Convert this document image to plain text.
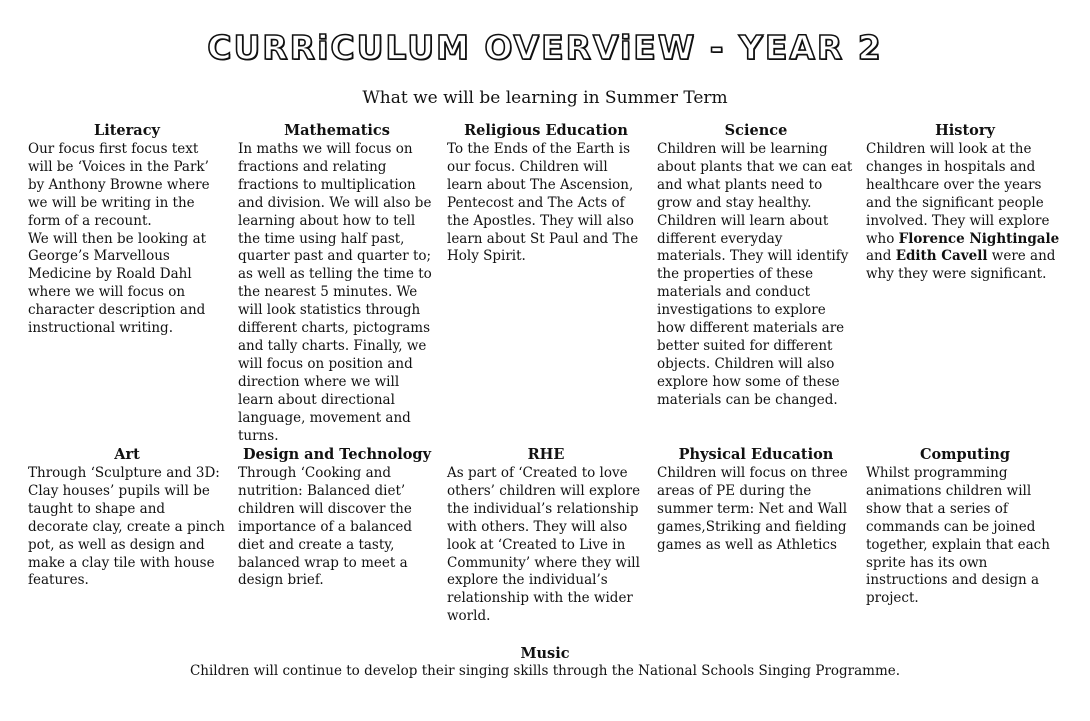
CURRiCULUM OVERViEW - YEAR 2
What we will be learning in Summer Term
Literacy

Our focus first focus text will be ‘Voices in the Park’ by Anthony Browne where we will be writing in the form of a recount.
We will then be looking at George’s Marvellous Medicine by Roald Dahl where we will focus on character description and instructional writing.

Mathematics

In maths we will focus on fractions and relating fractions to multiplication and division. We will also be learning about how to tell the time using half past, quarter past and quarter to; as well as telling the time to the nearest 5 minutes. We will look statistics through different charts, pictograms and tally charts. Finally, we will focus on position and direction where we will learn about directional language, movement and turns.

Religious Education

To the Ends of the Earth is our focus. Children will learn about The Ascension, Pentecost and The Acts of the Apostles. They will also learn about St Paul and The Holy Spirit.

Science

Children will be learning about plants that we can eat and what plants need to grow and stay healthy.
Children will learn about different everyday materials. They will identify the properties of these materials and conduct investigations to explore how different materials are better suited for different objects. Children will also explore how some of these materials can be changed.

History

Children will look at the changes in hospitals and healthcare over the years and the significant people involved. They will explore who Florence Nightingale and Edith Cavell were and why they were significant.

Art

Through ‘Sculpture and 3D: Clay houses’ pupils will be taught to shape and decorate clay, create a pinch pot, as well as design and make a clay tile with house features.

Design and Technology

Through ‘Cooking and nutrition: Balanced diet’ children will discover the importance of a balanced diet and create a tasty, balanced wrap to meet a design brief.

RHE

As part of ‘Created to love others’ children will explore the individual’s relationship with others. They will also look at ‘Created to Live in Community’ where they will explore the individual’s relationship with the wider world.

Physical Education

Children will focus on three areas of PE during the summer term: Net and Wall games,Striking and fielding games as well as Athletics

Computing

Whilst programming animations children will show that a series of commands can be joined together, explain that each sprite has its own instructions and design a project.

Music

Children will continue to develop their singing skills through the National Schools Singing Programme.
